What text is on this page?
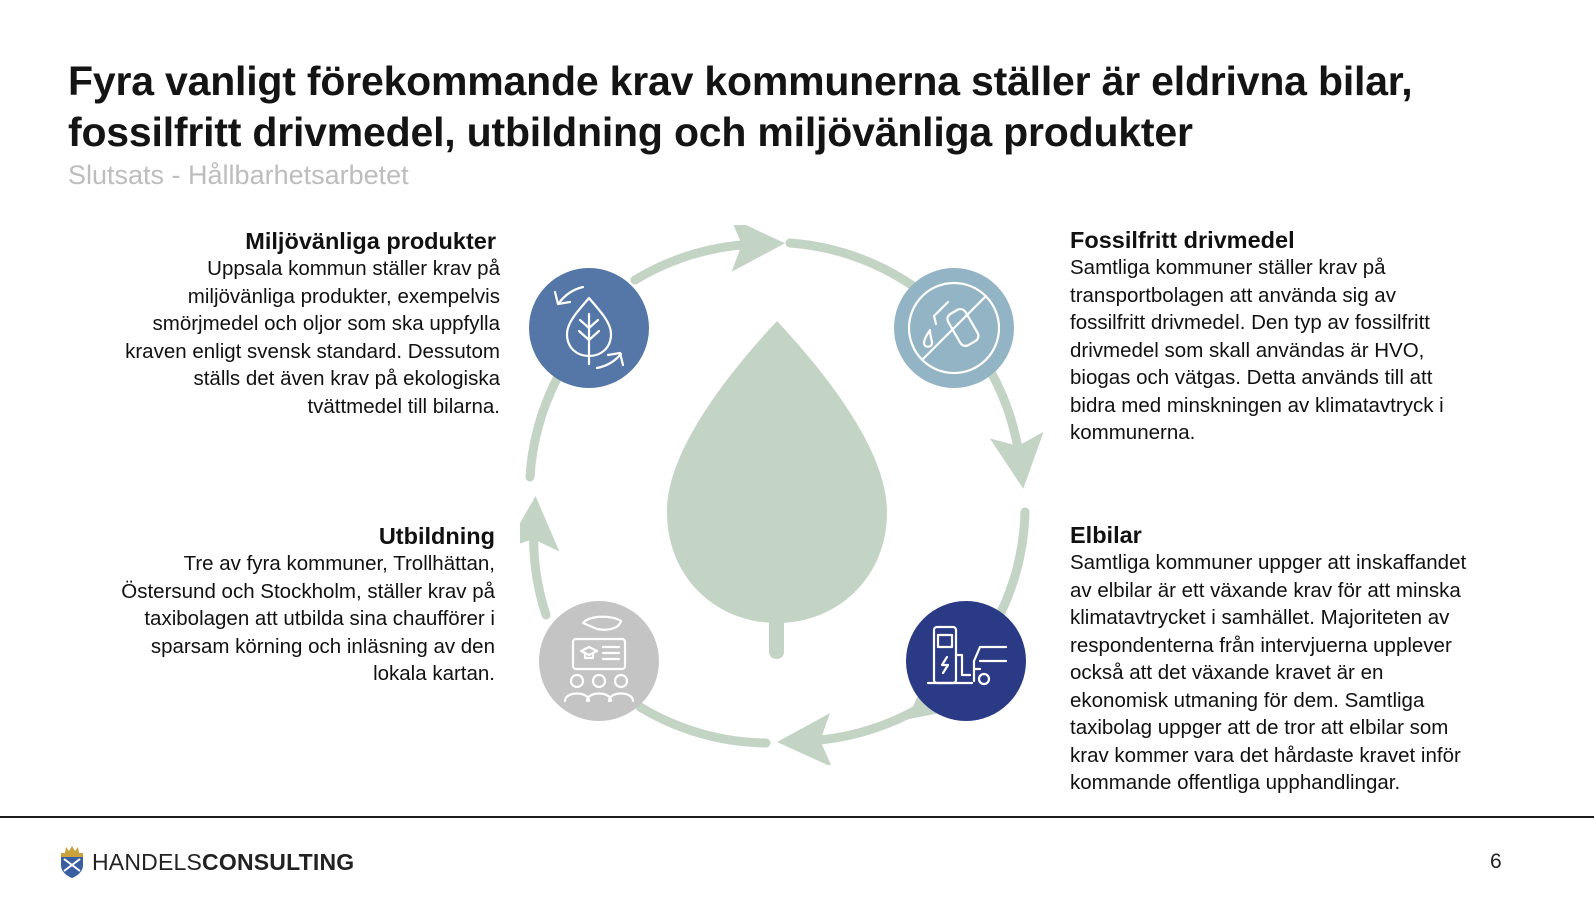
Fyra vanligt förekommande krav kommunerna ställer är eldrivna bilar,
fossilfritt drivmedel, utbildning och miljövänliga produkter
Slutsats - Hållbarhetsarbetet
Miljövänliga produkter

Uppsala kommun ställer krav på
miljövänliga produkter, exempelvis
smörjmedel och oljor som ska uppfylla
kraven enligt svensk standard. Dessutom
ställs det även krav på ekologiska
tvättmedel till bilarna.

Fossilfritt drivmedel

Samtliga kommuner ställer krav på
transportbolagen att använda sig av
fossilfritt drivmedel. Den typ av fossilfritt
drivmedel som skall användas är HVO,
biogas och vätgas. Detta används till att
bidra med minskningen av klimatavtryck i
kommunerna.

Utbildning

Tre av fyra kommuner, Trollhättan,
Östersund och Stockholm, ställer krav på
taxibolagen att utbilda sina chaufförer i
sparsam körning och inläsning av den
lokala kartan.

Elbilar

Samtliga kommuner uppger att inskaffandet
av elbilar är ett växande krav för att minska
klimatavtrycket i samhället. Majoriteten av
respondenterna från intervjuerna upplever
också att det växande kravet är en
ekonomisk utmaning för dem. Samtliga
taxibolag uppger att de tror att elbilar som
krav kommer vara det hårdaste kravet inför
kommande offentliga upphandlingar.

HANDELSCONSULTING	6
